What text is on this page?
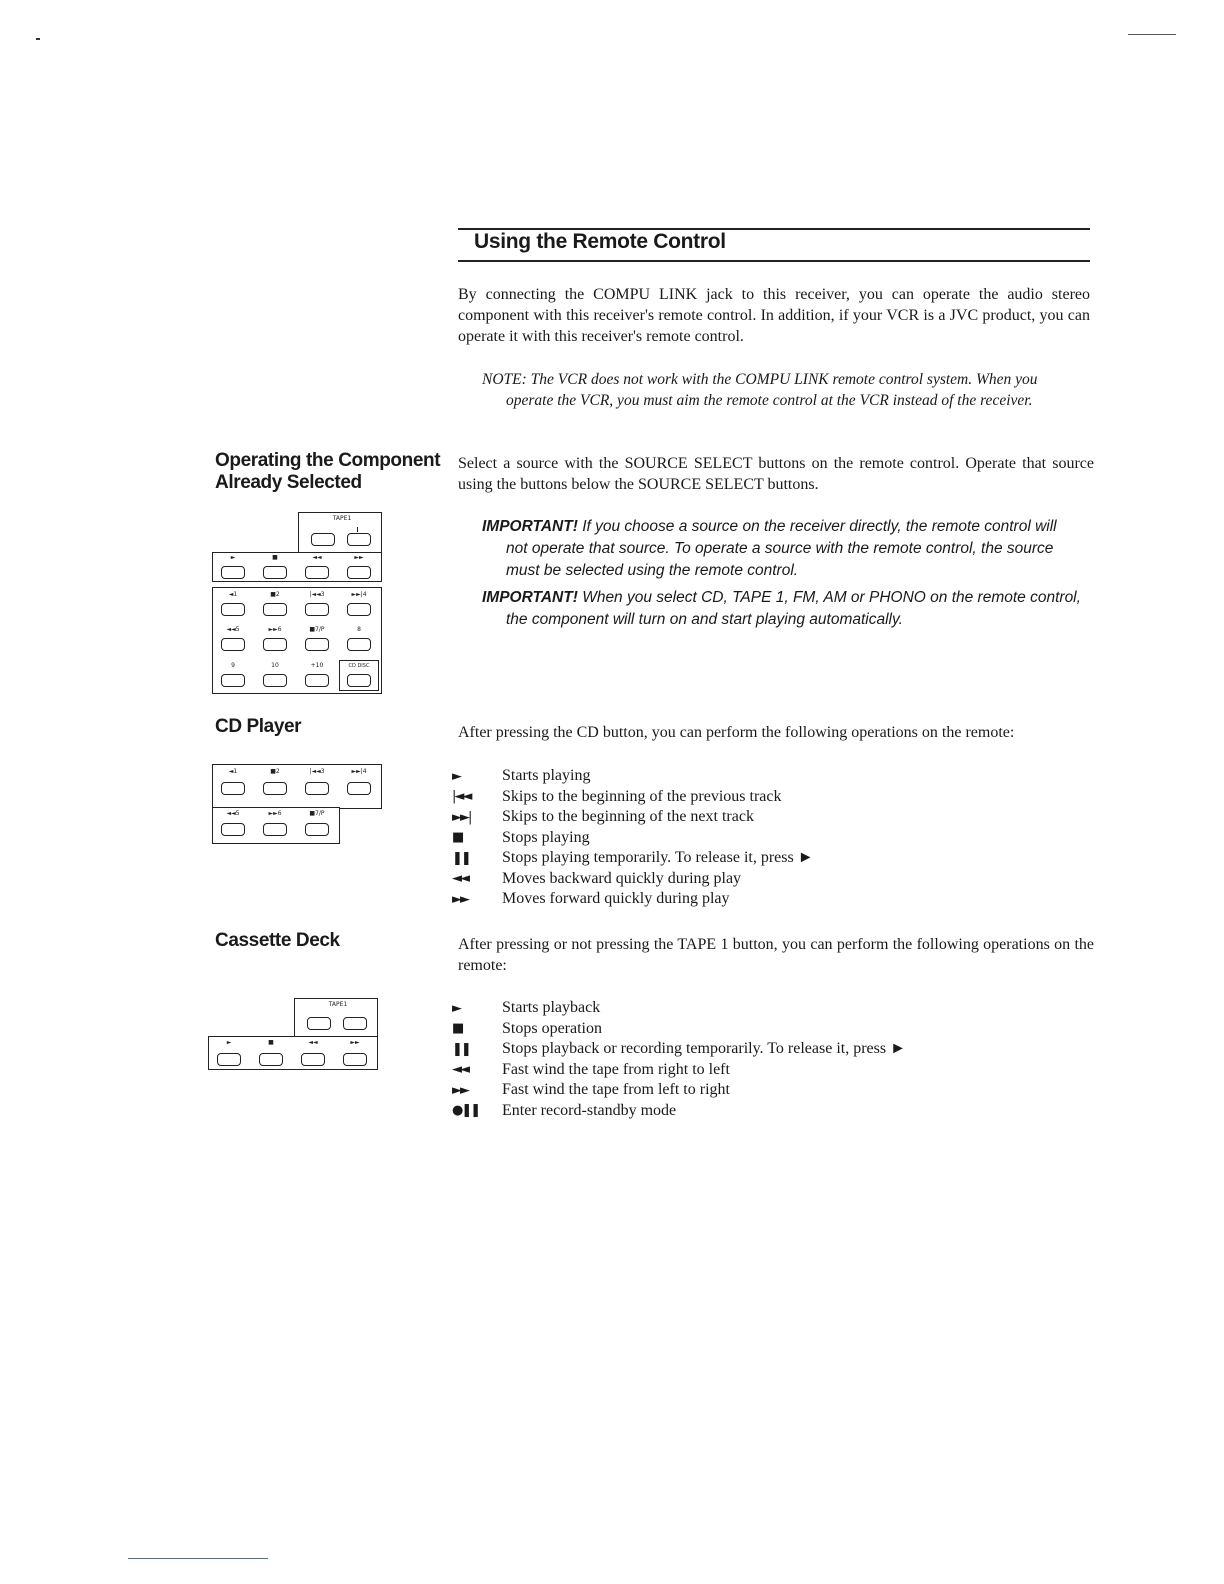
Using the Remote Control
By connecting the COMPU LINK jack to this receiver, you can operate the audio stereo component with this receiver's remote control. In addition, if your VCR is a JVC product, you can operate it with this receiver's remote control.

NOTE: The VCR does not work with the COMPU LINK remote control system. When you operate the VCR, you must aim the remote control at the VCR instead of the receiver.

Operating the Component
Already Selected
Select a source with the SOURCE SELECT buttons on the remote control. Operate that source using the buttons below the SOURCE SELECT buttons.

IMPORTANT! If you choose a source on the receiver directly, the remote control will not operate that source. To operate a source with the remote control, the source must be selected using the remote control.

IMPORTANT! When you select CD, TAPE 1, FM, AM or PHONO on the remote control, the component will turn on and start playing automatically.

TAPE1
►	■	◄◄	►►
◄1	■2	|◄◄3	►►|4
◄◄5	►►6	■7/P	8
9	10	+10	CD DISC
CD Player	After pressing the CD button, you can perform the following operations on the remote:
◄1	■2	|◄◄3	►►|4
◄◄5	►►6	■7/P
►	Starts playing
|◄◄	Skips to the beginning of the previous track
►►|	Skips to the beginning of the next track
■	Stops playing
❚❚	Stops playing temporarily. To release it, press ►
◄◄	Moves backward quickly during play
►►	Moves forward quickly during play
Cassette Deck	After pressing or not pressing the TAPE 1 button, you can perform the following operations on the remote:
TAPE1
►	■	◄◄	►►
►	Starts playback
■	Stops operation
❚❚	Stops playback or recording temporarily. To release it, press ►
◄◄	Fast wind the tape from right to left
►►	Fast wind the tape from left to right
●❚❚	Enter record-standby mode
